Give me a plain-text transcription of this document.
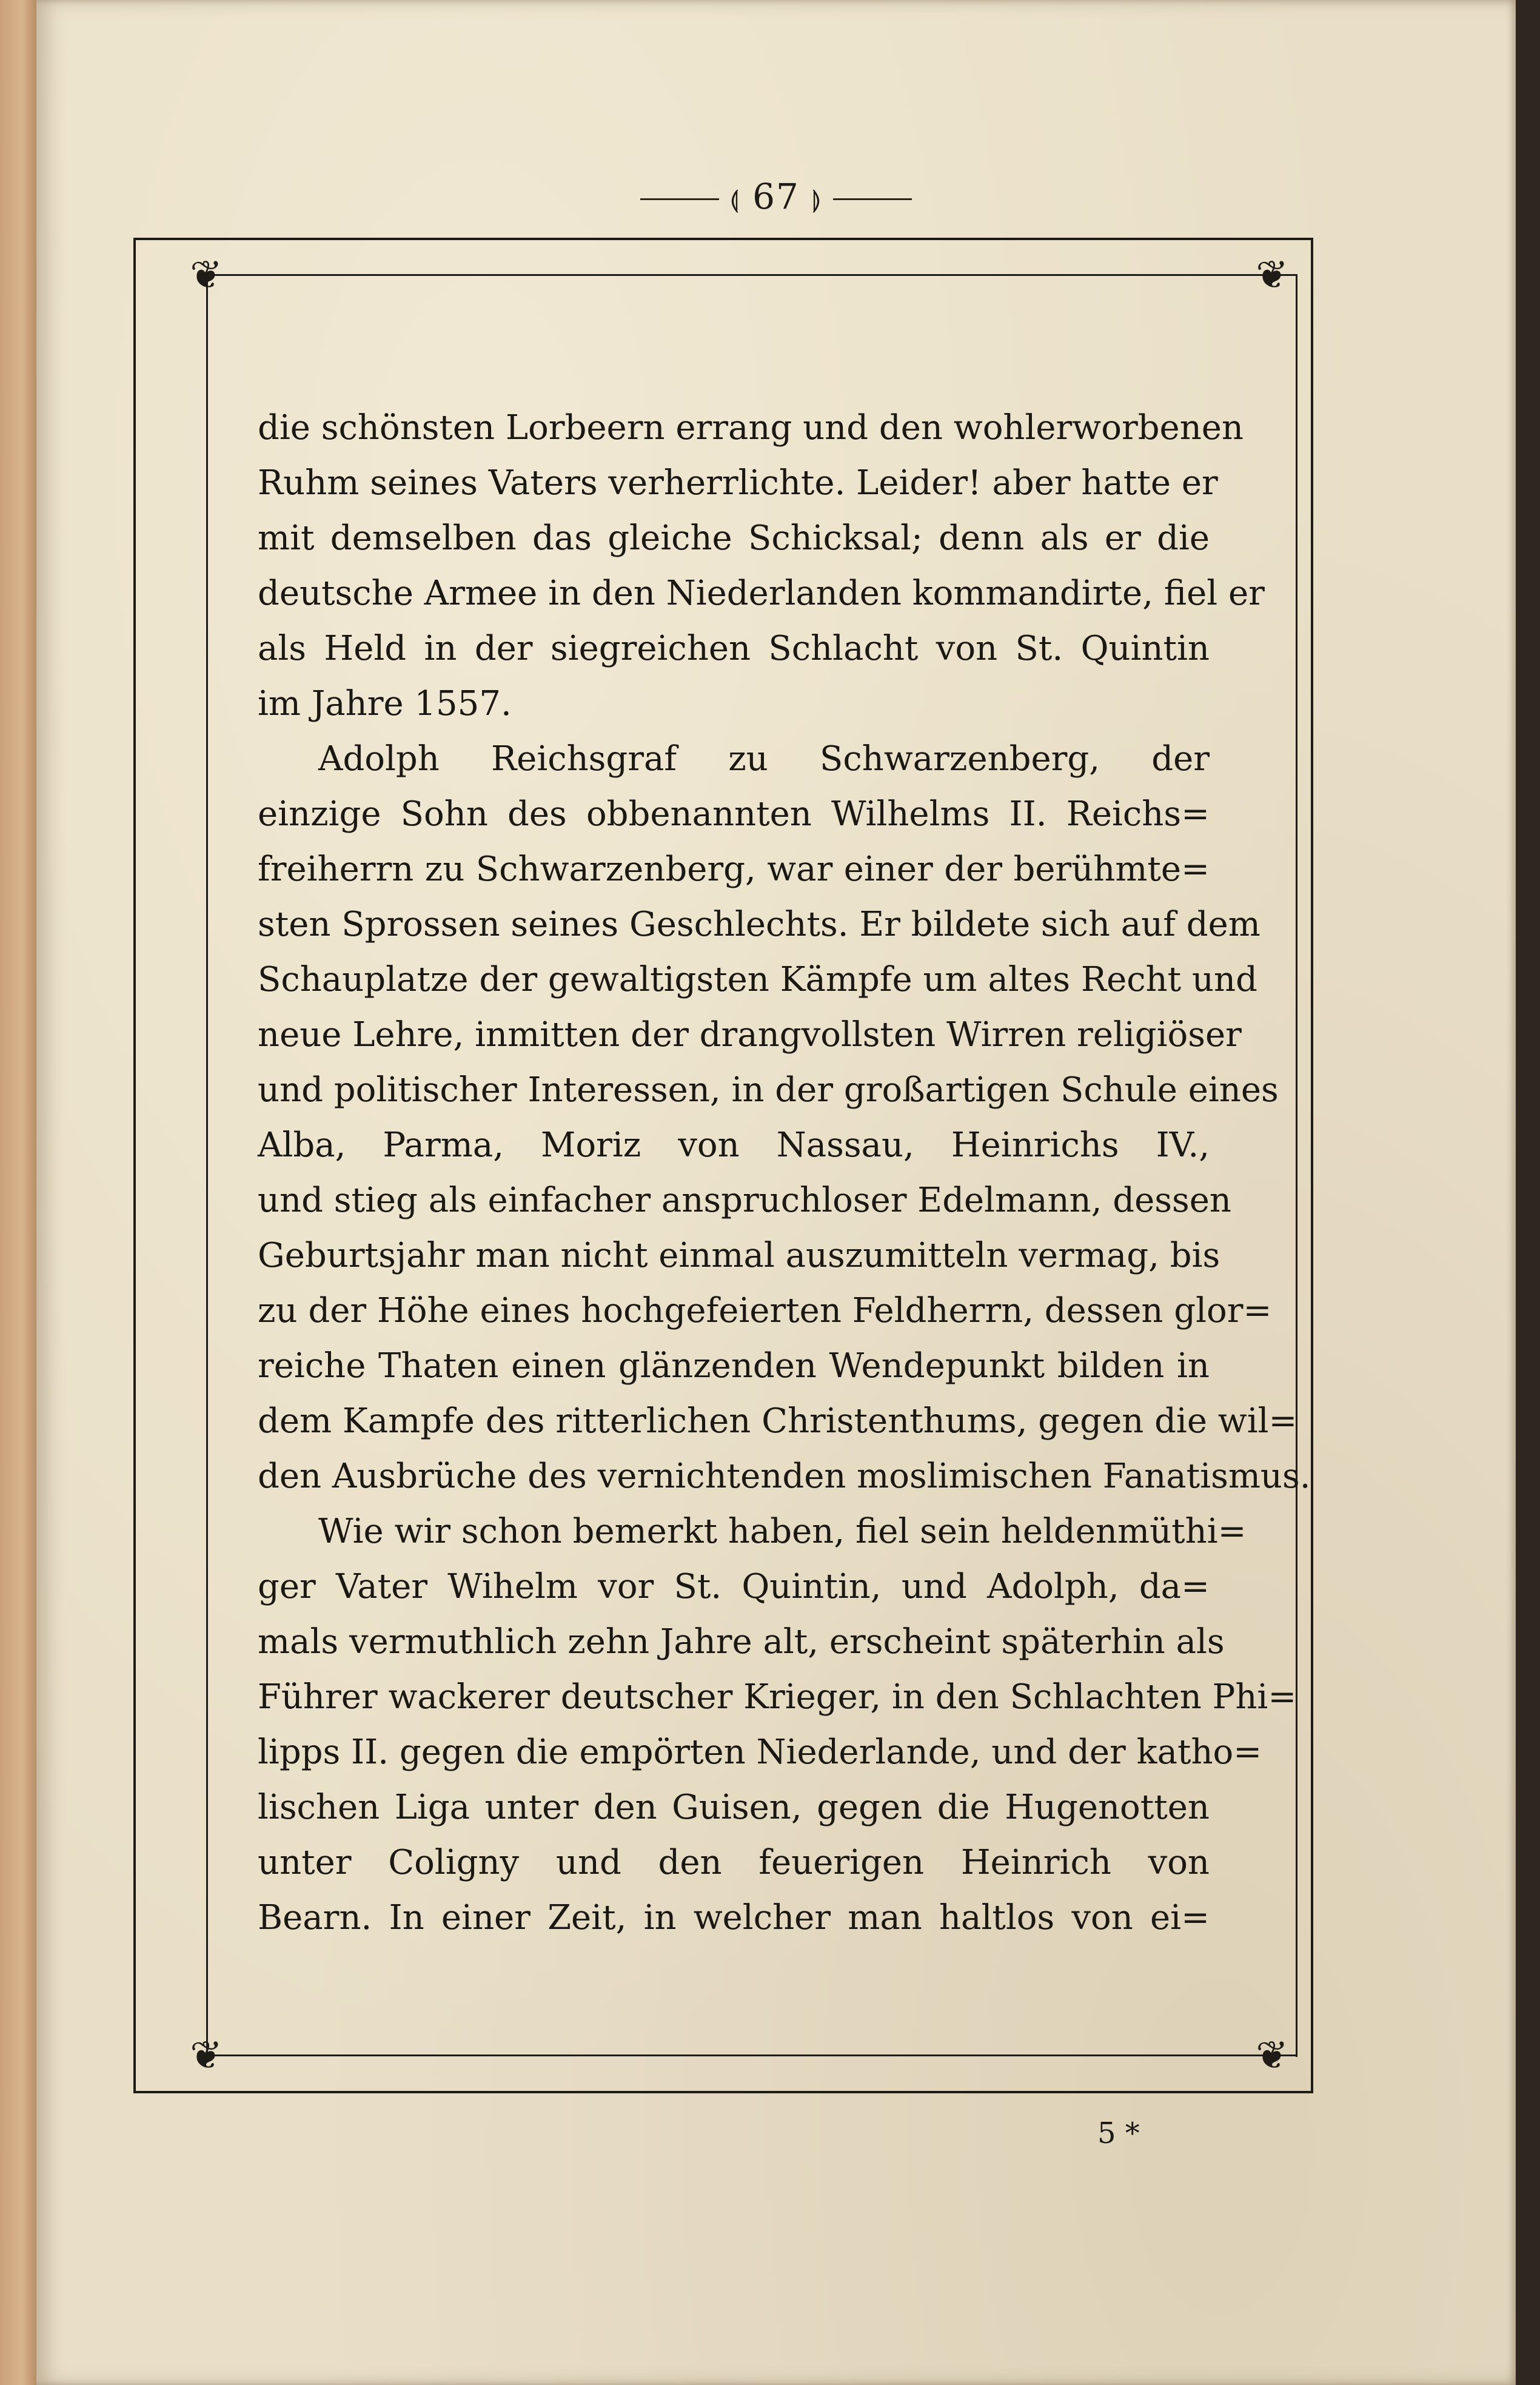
⟬ 67 ⟭
❦	❦
❦	❦
die schönsten Lorbeern errang und den wohlerworbenen
Ruhm seines Vaters verherrlichte. Leider! aber hatte er
mit demselben das gleiche Schicksal; denn als er die
deutsche Armee in den Niederlanden kommandirte, fiel er
als Held in der siegreichen Schlacht von St. Quintin
im Jahre 1557.
Adolph Reichsgraf zu Schwarzenberg, der
einzige Sohn des obbenannten Wilhelms II. Reichs=
freiherrn zu Schwarzenberg, war einer der berühmte=
sten Sprossen seines Geschlechts. Er bildete sich auf dem
Schauplatze der gewaltigsten Kämpfe um altes Recht und
neue Lehre, inmitten der drangvollsten Wirren religiöser
und politischer Interessen, in der großartigen Schule eines
Alba, Parma, Moriz von Nassau, Heinrichs IV.,
und stieg als einfacher anspruchloser Edelmann, dessen
Geburtsjahr man nicht einmal auszumitteln vermag, bis
zu der Höhe eines hochgefeierten Feldherrn, dessen glor=
reiche Thaten einen glänzenden Wendepunkt bilden in
dem Kampfe des ritterlichen Christenthums, gegen die wil=
den Ausbrüche des vernichtenden moslimischen Fanatismus.
Wie wir schon bemerkt haben, fiel sein heldenmüthi=
ger Vater Wihelm vor St. Quintin, und Adolph, da=
mals vermuthlich zehn Jahre alt, erscheint späterhin als
Führer wackerer deutscher Krieger, in den Schlachten Phi=
lipps II. gegen die empörten Niederlande, und der katho=
lischen Liga unter den Guisen, gegen die Hugenotten
unter Coligny und den feuerigen Heinrich von
Bearn. In einer Zeit, in welcher man haltlos von ei=
5 *
